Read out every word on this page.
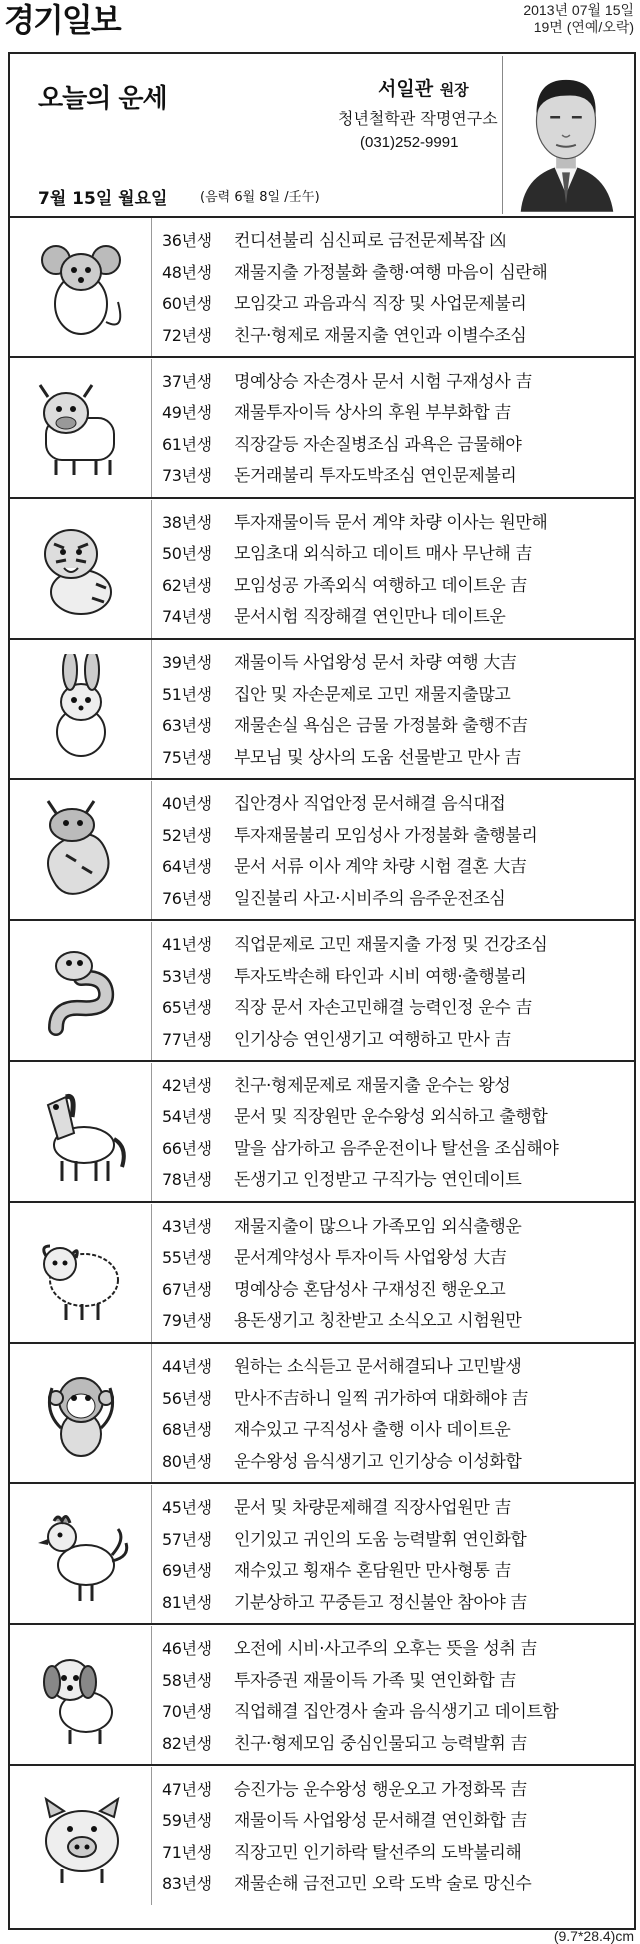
경기일보	2013년 07월 15일
19면 (연예/오락)
오늘의 운세	서일관 원장
청년철학관 작명연구소
(031)252-9991
7월 15일 월요일	(음력 6월 8일 /壬午)
36년생 컨디션불리 심신피로 금전문제복잡 凶
48년생 재물지출 가정불화 출행·여행 마음이 심란해
60년생 모임갖고 과음과식 직장 및 사업문제불리
72년생 친구·형제로 재물지출 연인과 이별수조심
37년생 명예상승 자손경사 문서 시험 구재성사 吉
49년생 재물투자이득 상사의 후원 부부화합 吉
61년생 직장갈등 자손질병조심 과욕은 금물해야
73년생 돈거래불리 투자도박조심 연인문제불리
38년생 투자재물이득 문서 계약 차량 이사는 원만해
50년생 모임초대 외식하고 데이트 매사 무난해 吉
62년생 모임성공 가족외식 여행하고 데이트운 吉
74년생 문서시험 직장해결 연인만나 데이트운
39년생 재물이득 사업왕성 문서 차량 여행 大吉
51년생 집안 및 자손문제로 고민 재물지출많고
63년생 재물손실 욕심은 금물 가정불화 출행不吉
75년생 부모님 및 상사의 도움 선물받고 만사 吉
40년생 집안경사 직업안정 문서해결 음식대접
52년생 투자재물불리 모임성사 가정불화 출행불리
64년생 문서 서류 이사 계약 차량 시험 결혼 大吉
76년생 일진불리 사고·시비주의 음주운전조심
41년생 직업문제로 고민 재물지출 가정 및 건강조심
53년생 투자도박손해 타인과 시비 여행·출행불리
65년생 직장 문서 자손고민해결 능력인정 운수 吉
77년생 인기상승 연인생기고 여행하고 만사 吉
42년생 친구·형제문제로 재물지출 운수는 왕성
54년생 문서 및 직장원만 운수왕성 외식하고 출행합
66년생 말을 삼가하고 음주운전이나 탈선을 조심해야
78년생 돈생기고 인정받고 구직가능 연인데이트
43년생 재물지출이 많으나 가족모임 외식출행운
55년생 문서계약성사 투자이득 사업왕성 大吉
67년생 명예상승 혼담성사 구재성진 행운오고
79년생 용돈생기고 칭찬받고 소식오고 시험원만
44년생 원하는 소식듣고 문서해결되나 고민발생
56년생 만사不吉하니 일찍 귀가하여 대화해야 吉
68년생 재수있고 구직성사 출행 이사 데이트운
80년생 운수왕성 음식생기고 인기상승 이성화합
45년생 문서 및 차량문제해결 직장사업원만 吉
57년생 인기있고 귀인의 도움 능력발휘 연인화합
69년생 재수있고 횡재수 혼담원만 만사형통 吉
81년생 기분상하고 꾸중듣고 정신불안 참아야 吉
46년생 오전에 시비·사고주의 오후는 뜻을 성취 吉
58년생 투자증권 재물이득 가족 및 연인화합 吉
70년생 직업해결 집안경사 술과 음식생기고 데이트함
82년생 친구·형제모임 중심인물되고 능력발휘 吉
47년생 승진가능 운수왕성 행운오고 가정화목 吉
59년생 재물이득 사업왕성 문서해결 연인화합 吉
71년생 직장고민 인기하락 탈선주의 도박불리해
83년생 재물손해 금전고민 오락 도박 술로 망신수
(9.7*28.4)cm
